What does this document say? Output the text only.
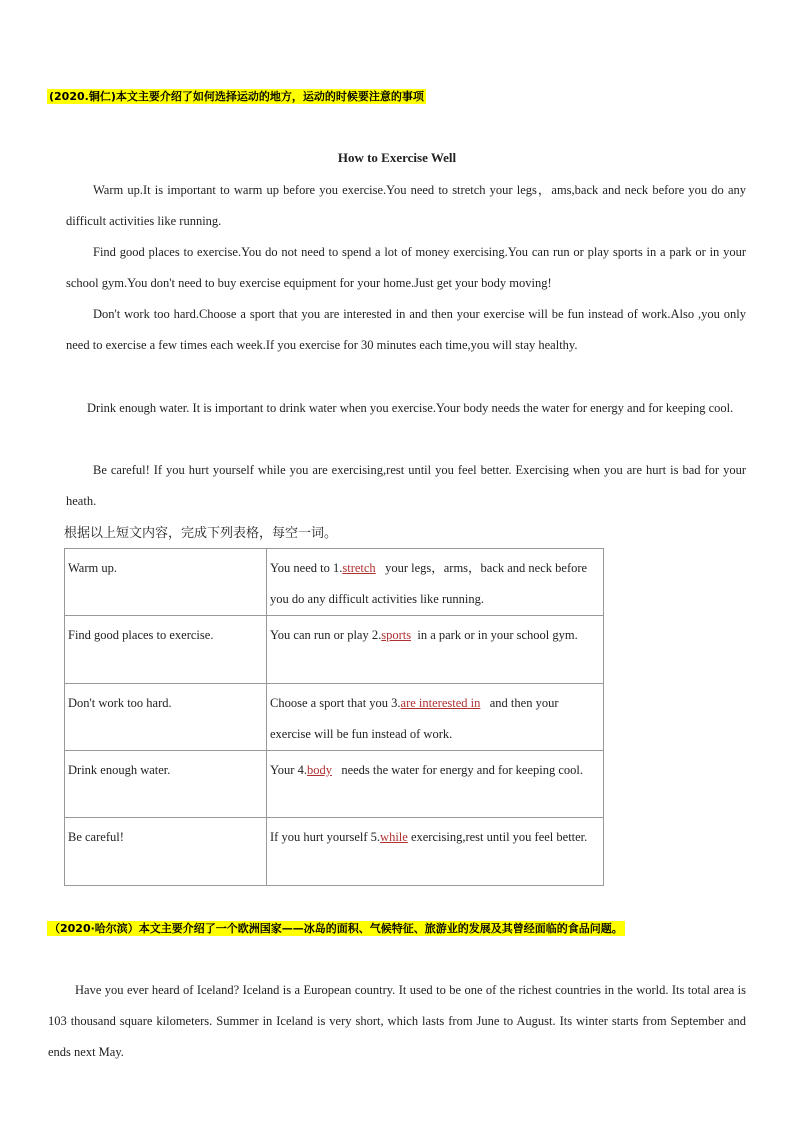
(2020.铜仁)本文主要介绍了如何选择运动的地方，运动的时候要注意的事项
How to Exercise Well
Warm up.It is important to warm up before you exercise.You need to stretch your legs，ams,back and neck before you do any difficult activities like running.
Find good places to exercise.You do not need to spend a lot of money exercising.You can run or play sports in a park or in your school gym.You don't need to buy exercise equipment for your home.Just get your body moving!
Don't work too hard.Choose a sport that you are interested in and then your exercise will be fun instead of work.Also ,you only need to exercise a few times each week.If you exercise for 30 minutes each time,you will stay healthy.
Drink enough water. It is important to drink water when you exercise.Your body needs the water for energy and for keeping cool.
Be careful! If you hurt yourself while you are exercising,rest until you feel better. Exercising when you are hurt is bad for your heath.
根据以上短文内容，完成下列表格，每空一词。
Warm up.	You need to 1.stretch your legs，arms，back and neck before you do any difficult activities like running.
Find good places to exercise.	You can run or play 2.sports in a park or in your school gym.
Don't work too hard.	Choose a sport that you 3.are interested in and then your exercise will be fun instead of work.
Drink enough water.	Your 4.body needs the water for energy and for keeping cool.
Be careful!	If you hurt yourself 5.while exercising,rest until you feel better.
（2020·哈尔滨）本文主要介绍了一个欧洲国家——冰岛的面积、气候特征、旅游业的发展及其曾经面临的食品问题。
Have you ever heard of Iceland? Iceland is a European country. It used to be one of the richest countries in the world. Its total area is 103 thousand square kilometers. Summer in Iceland is very short, which lasts from June to August. Its winter starts from September and ends next May.
